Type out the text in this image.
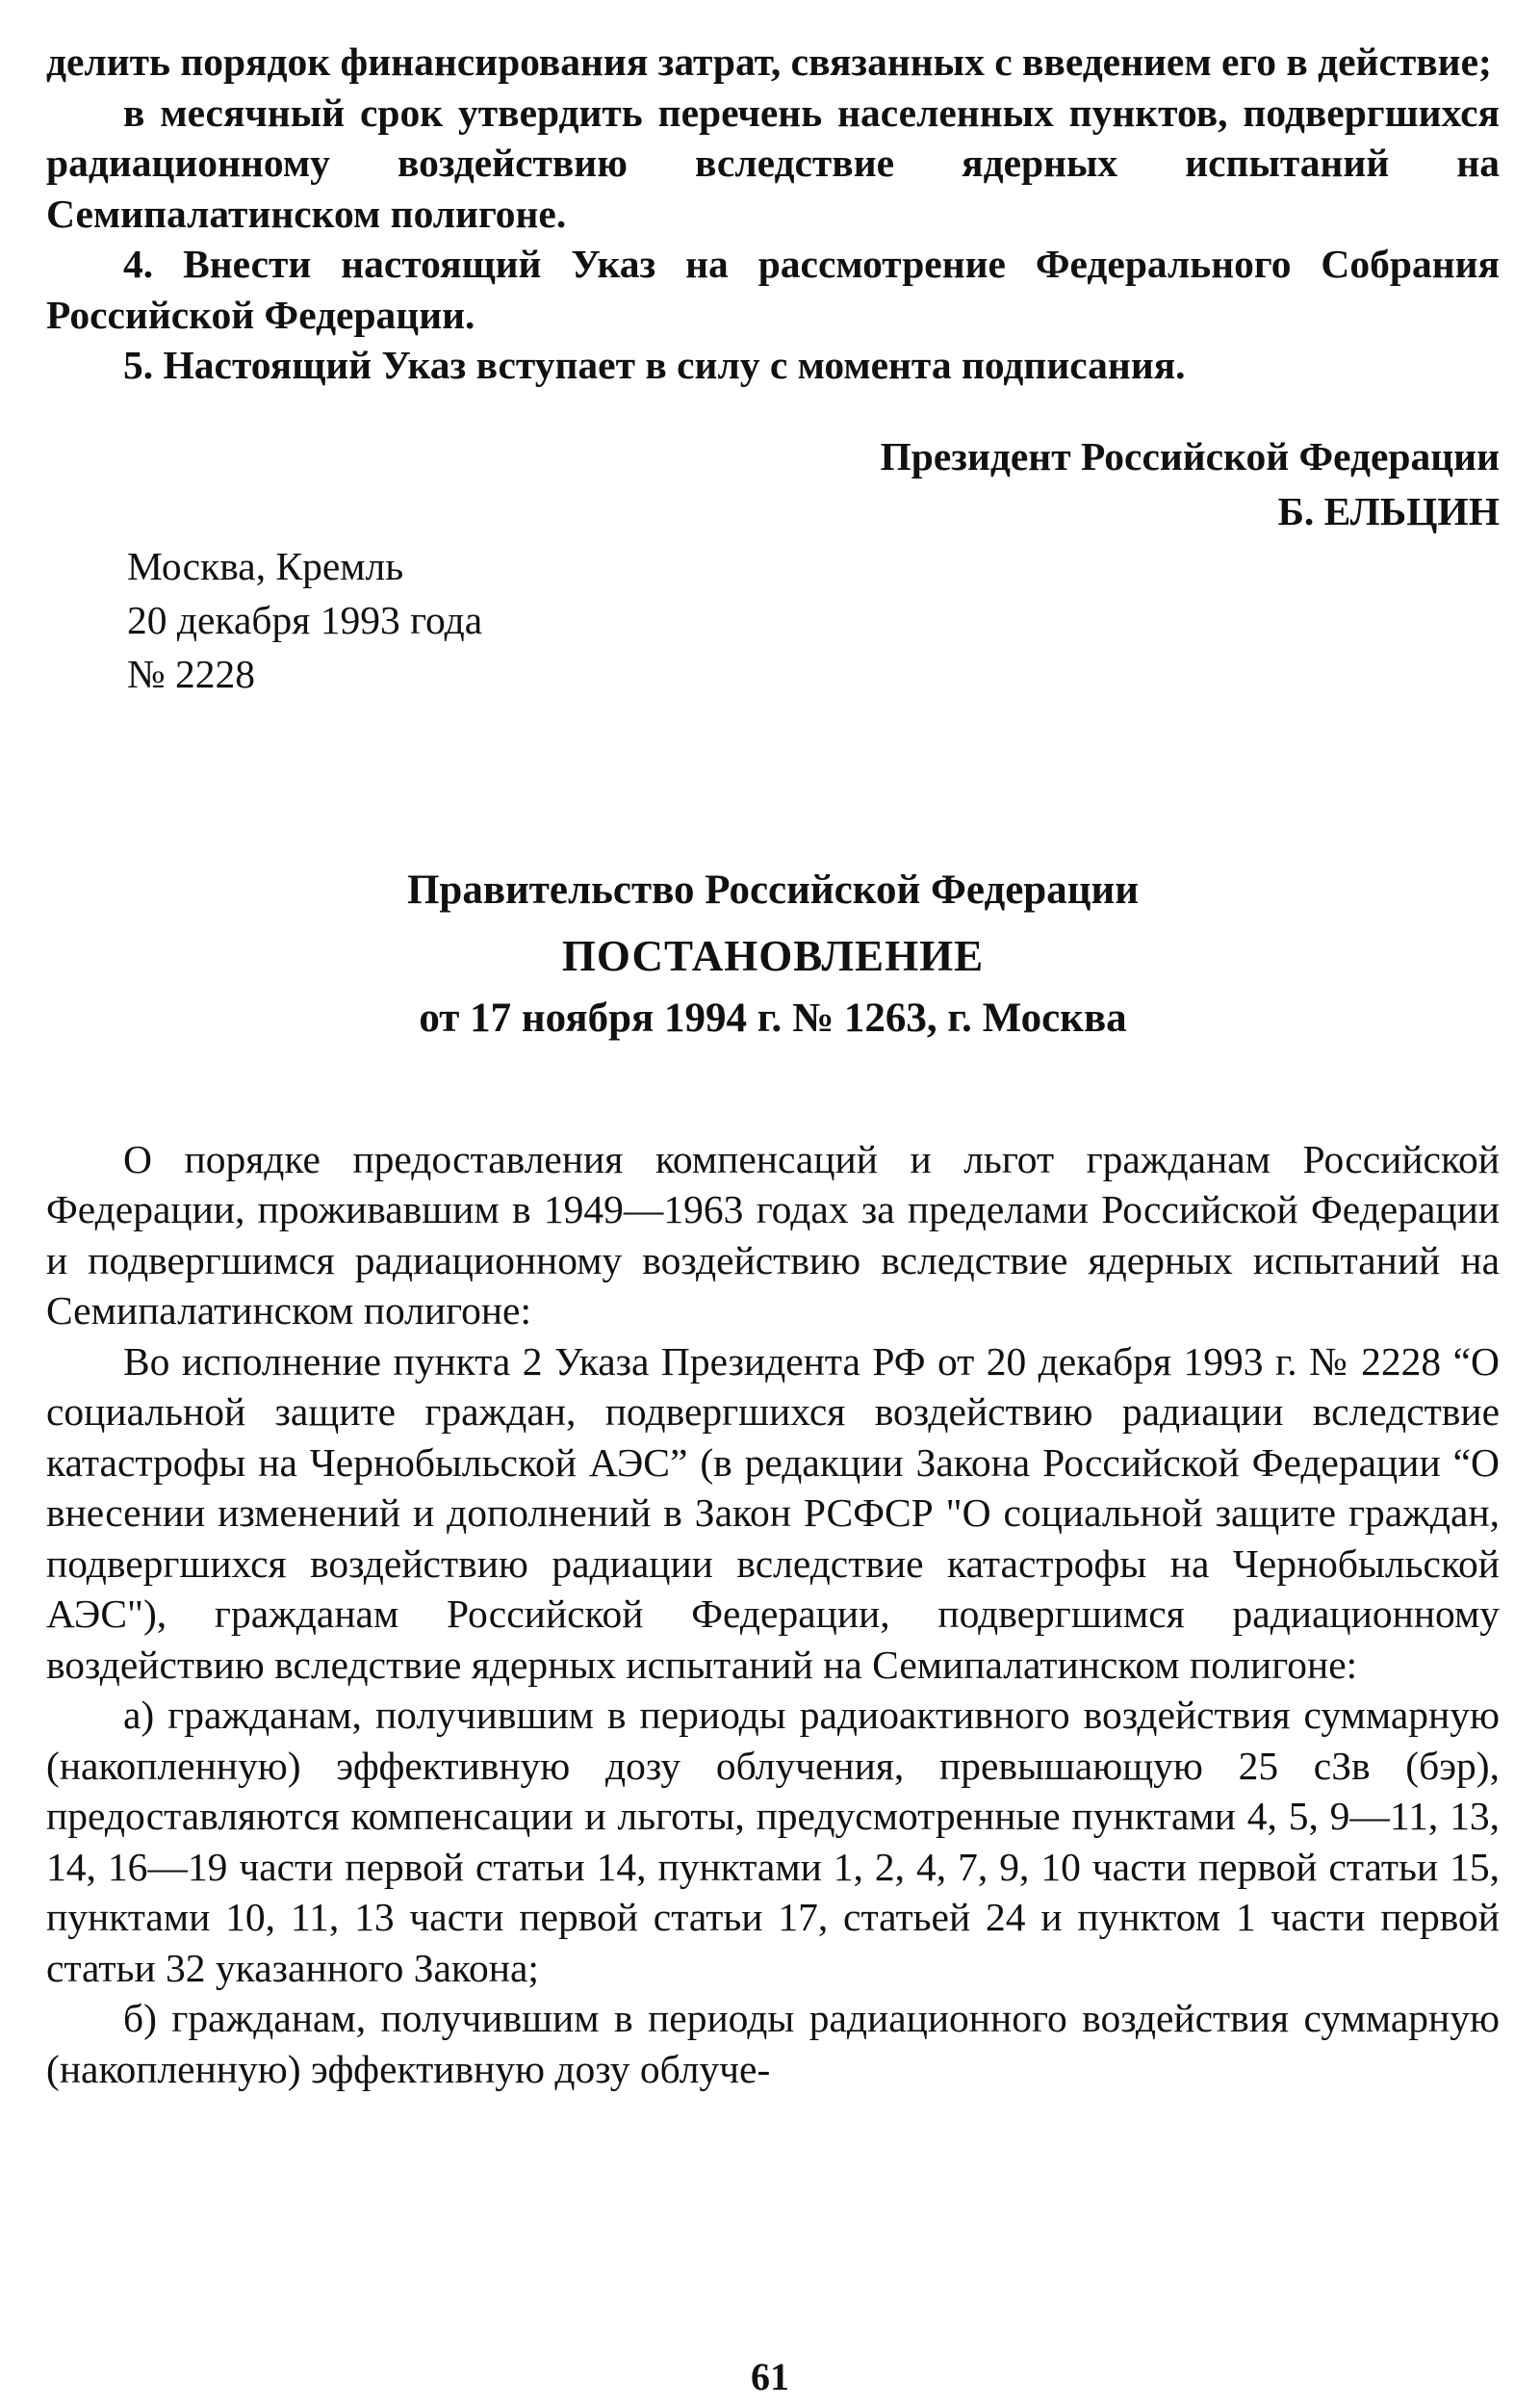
делить порядок финансирования затрат, связанных с введением его в действие;

в месячный срок утвердить перечень населенных пунктов, подвергшихся радиационному воздействию вследствие ядерных испытаний на Семипалатинском полигоне.

4. Внести настоящий Указ на рассмотрение Федерального Собрания Российской Федерации.

5. Настоящий Указ вступает в силу с момента подписания.

Президент Российской Федерации
Б. ЕЛЬЦИН
Москва, Кремль
20 декабря 1993 года
№ 2228
Правительство Российской Федерации
ПОСТАНОВЛЕНИЕ
от 17 ноября 1994 г. № 1263, г. Москва

О порядке предоставления компенсаций и льгот гражданам Российской Федерации, проживавшим в 1949—1963 годах за пределами Российской Федерации и подвергшимся радиационному воздействию вследствие ядерных испытаний на Семипалатинском полигоне:

Во исполнение пункта 2 Указа Президента РФ от 20 декабря 1993 г. № 2228 “О социальной защите граждан, подвергшихся воздействию радиации вследствие катастрофы на Чернобыльской АЭС” (в редакции Закона Российской Федерации “О внесении изменений и дополнений в Закон РСФСР "О социальной защите граждан, подвергшихся воздействию радиации вследствие катастрофы на Чернобыльской АЭС"), гражданам Российской Федерации, подвергшимся радиационному воздействию вследствие ядерных испытаний на Семипалатинском полигоне:

а) гражданам, получившим в периоды радиоактивного воздействия суммарную (накопленную) эффективную дозу облучения, превышающую 25 сЗв (бэр), предоставляются компенсации и льготы, предусмотренные пунктами 4, 5, 9—11, 13, 14, 16—19 части первой статьи 14, пунктами 1, 2, 4, 7, 9, 10 части первой статьи 15, пунктами 10, 11, 13 части первой статьи 17, статьей 24 и пунктом 1 части первой статьи 32 указанного Закона;

б) гражданам, получившим в периоды радиационного воздействия суммарную (накопленную) эффективную дозу облуче-

61
